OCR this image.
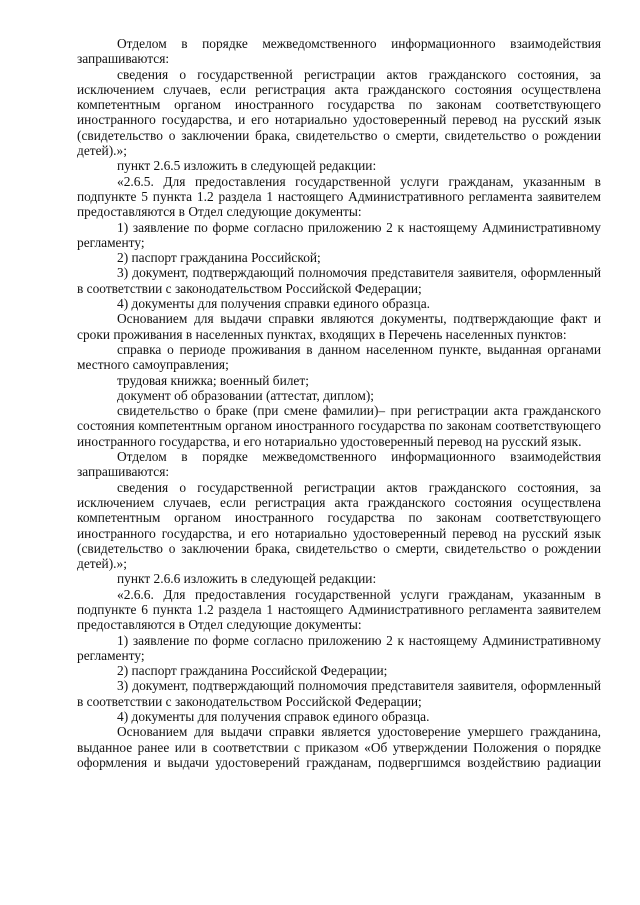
Отделом в порядке межведомственного информационного взаимодействия запрашиваются:

сведения о государственной регистрации актов гражданского состояния, за исключением случаев, если регистрация акта гражданского состояния осуществлена компетентным органом иностранного государства по законам соответствующего иностранного государства, и его нотариально удостоверенный перевод на русский язык (свидетельство о заключении брака, свидетельство о смерти, свидетельство о рождении детей).»;

пункт 2.6.5 изложить в следующей редакции:

«2.6.5. Для предоставления государственной услуги гражданам, указанным в подпункте 5 пункта 1.2 раздела 1 настоящего Административного регламента заявителем предоставляются в Отдел следующие документы:

1) заявление по форме согласно приложению 2 к настоящему Административному регламенту;

2) паспорт гражданина Российской;

3) документ, подтверждающий полномочия представителя заявителя, оформленный в соответствии с законодательством Российской Федерации;

4) документы для получения справки единого образца.

Основанием для выдачи справки являются документы, подтверждающие факт и сроки проживания в населенных пунктах, входящих в Перечень населенных пунктов:

справка о периоде проживания в данном населенном пункте, выданная органами местного самоуправления;

трудовая книжка; военный билет;

документ об образовании (аттестат, диплом);

свидетельство о браке (при смене фамилии)– при регистрации акта гражданского состояния компетентным органом иностранного государства по законам соответствующего иностранного государства, и его нотариально удостоверенный перевод на русский язык.

Отделом в порядке межведомственного информационного взаимодействия запрашиваются:

сведения о государственной регистрации актов гражданского состояния, за исключением случаев, если регистрация акта гражданского состояния осуществлена компетентным органом иностранного государства по законам соответствующего иностранного государства, и его нотариально удостоверенный перевод на русский язык (свидетельство о заключении брака, свидетельство о смерти, свидетельство о рождении детей).»;

пункт 2.6.6 изложить в следующей редакции:

«2.6.6. Для предоставления государственной услуги гражданам, указанным в подпункте 6 пункта 1.2 раздела 1 настоящего Административного регламента заявителем предоставляются в Отдел следующие документы:

1) заявление по форме согласно приложению 2 к настоящему Административному регламенту;

2) паспорт гражданина Российской Федерации;

3) документ, подтверждающий полномочия представителя заявителя, оформленный в соответствии с законодательством Российской Федерации;

4) документы для получения справок единого образца.

Основанием для выдачи справки является удостоверение умершего гражданина, выданное ранее или в соответствии с приказом «Об утверждении Положения о порядке оформления и выдачи удостоверений гражданам, подвергшимся воздействию радиации
